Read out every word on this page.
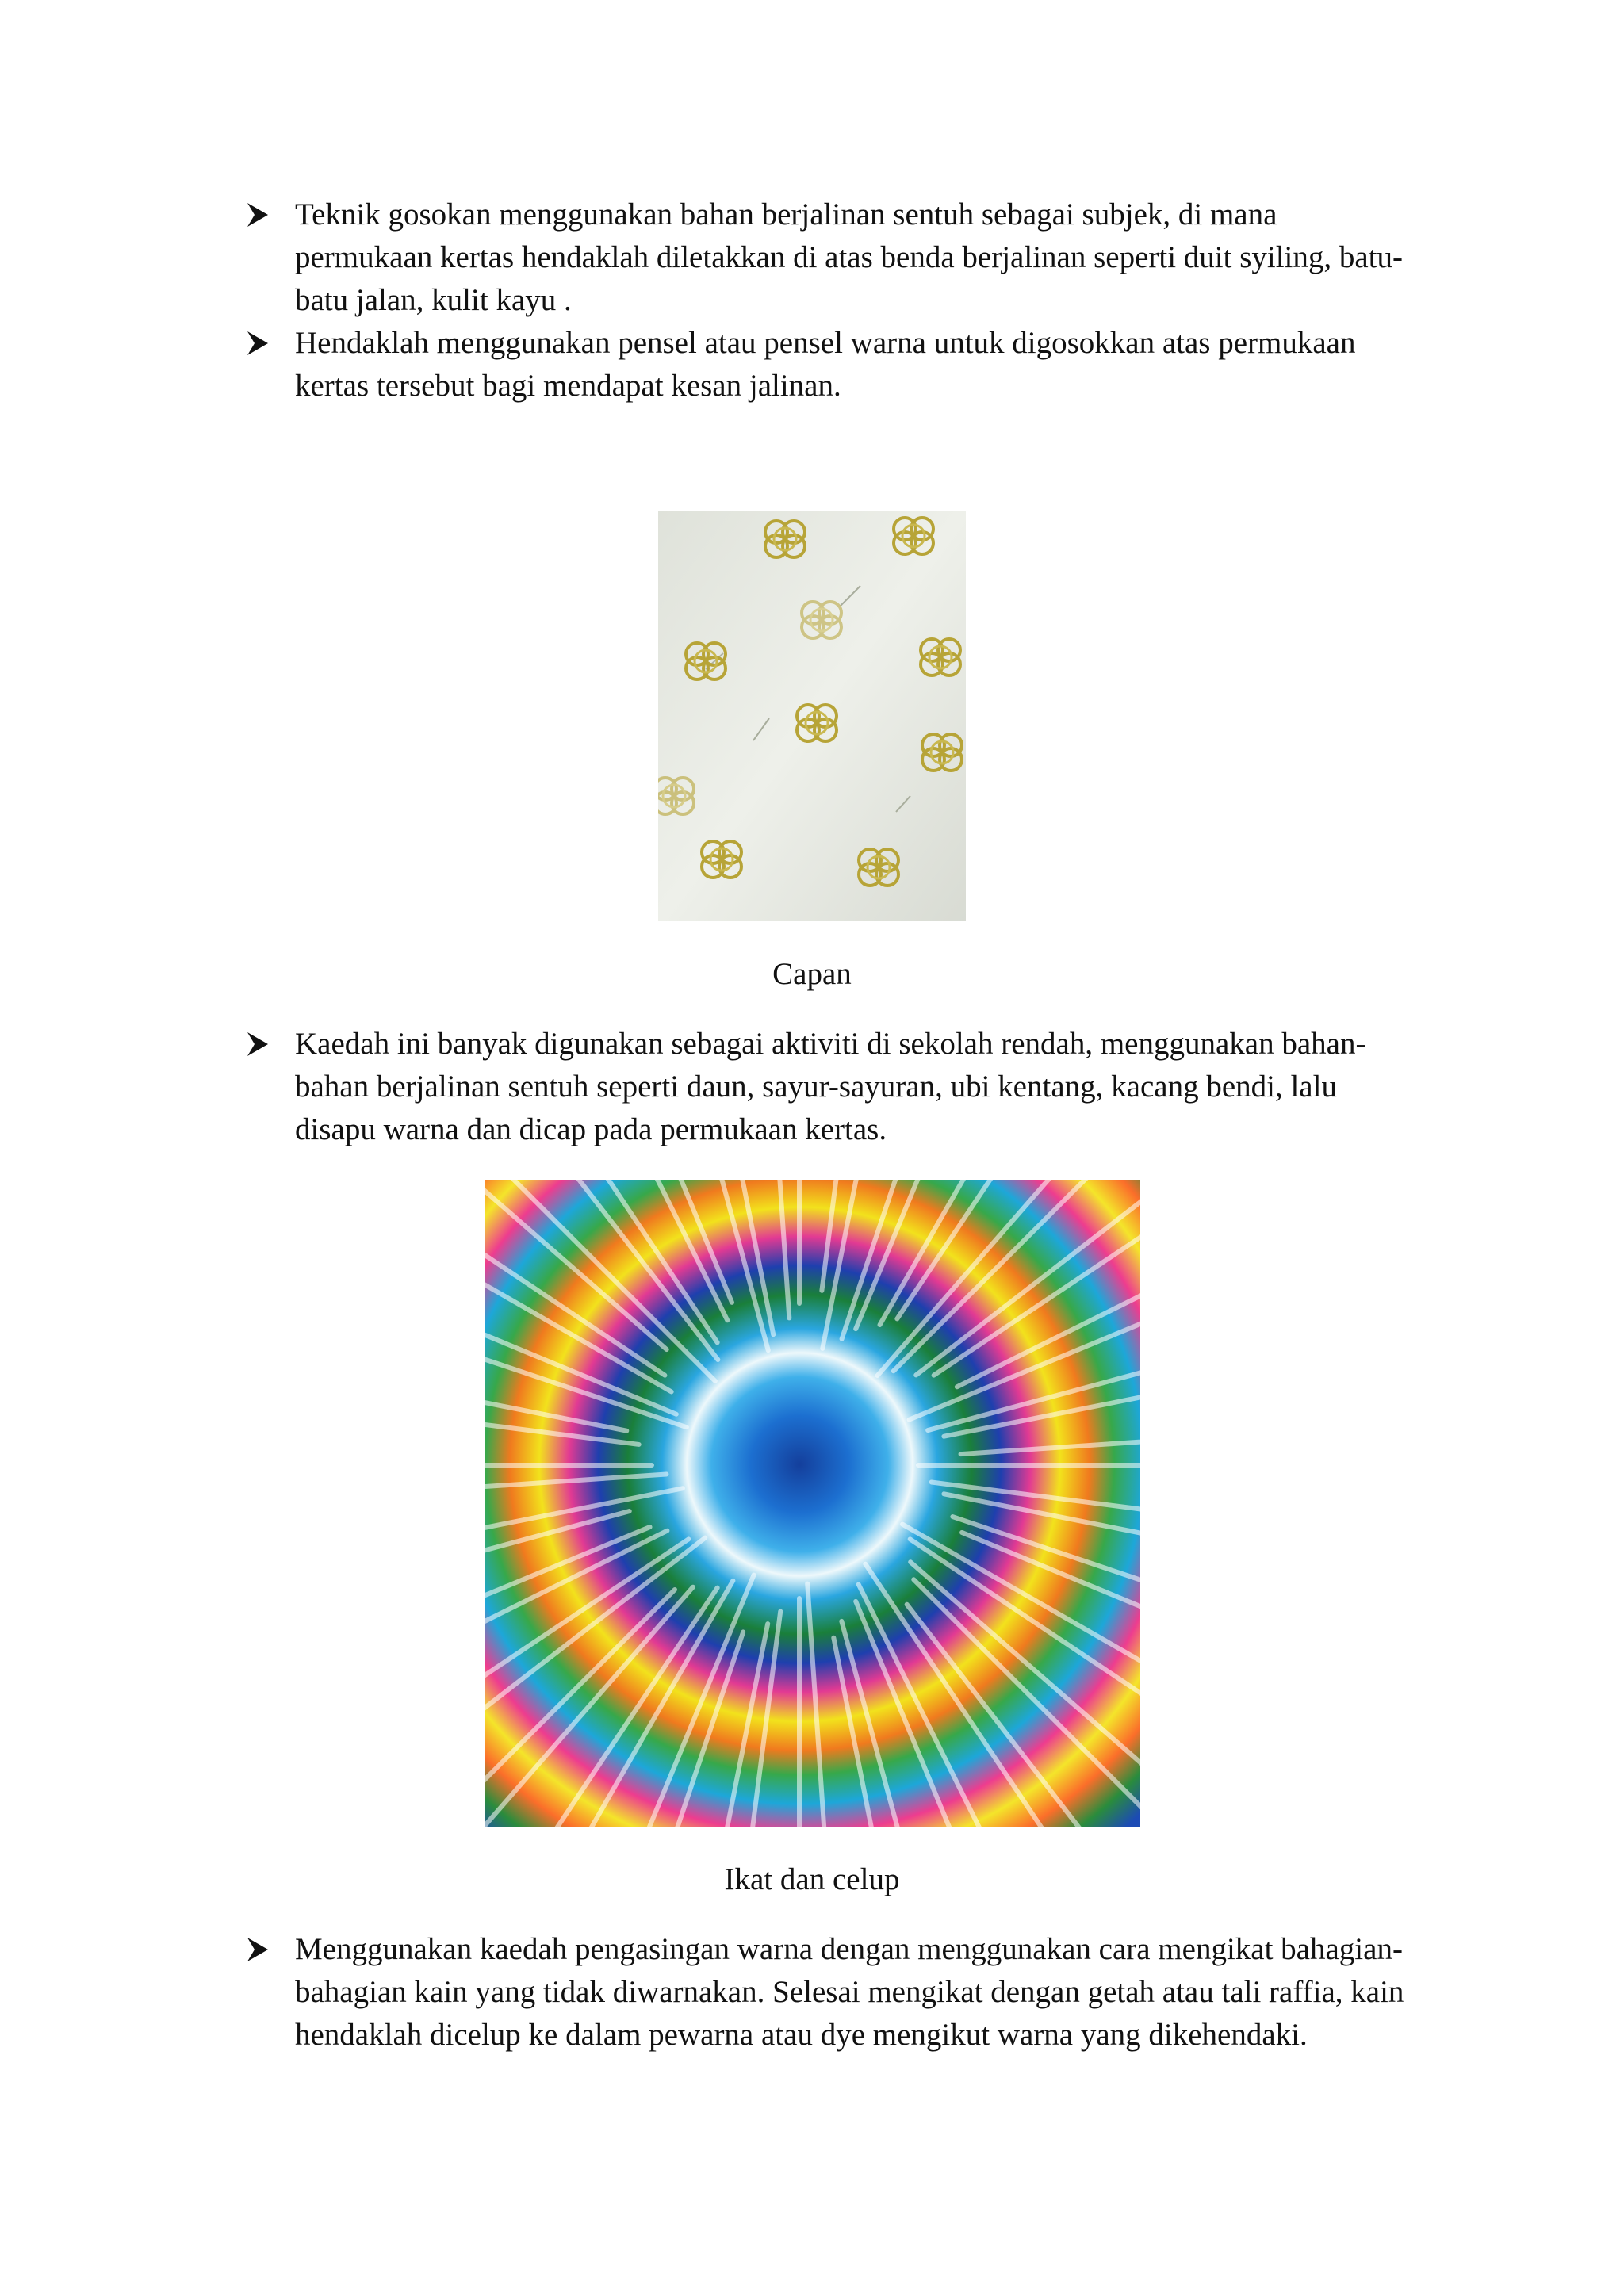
Teknik gosokan menggunakan bahan berjalinan sentuh sebagai subjek, di mana permukaan kertas hendaklah diletakkan di atas benda berjalinan seperti duit syiling, batu-batu jalan, kulit kayu .
Hendaklah menggunakan pensel atau pensel warna untuk digosokkan atas permukaan kertas tersebut bagi mendapat kesan jalinan.
Capan
Kaedah ini banyak digunakan sebagai aktiviti di sekolah rendah, menggunakan bahan-bahan berjalinan sentuh seperti daun, sayur-sayuran, ubi kentang, kacang bendi, lalu disapu warna dan dicap pada permukaan kertas.
Ikat dan celup
Menggunakan kaedah pengasingan warna dengan menggunakan cara mengikat bahagian-bahagian kain yang tidak diwarnakan. Selesai mengikat dengan getah atau tali raffia, kain hendaklah dicelup ke dalam pewarna atau dye mengikut warna yang dikehendaki.
